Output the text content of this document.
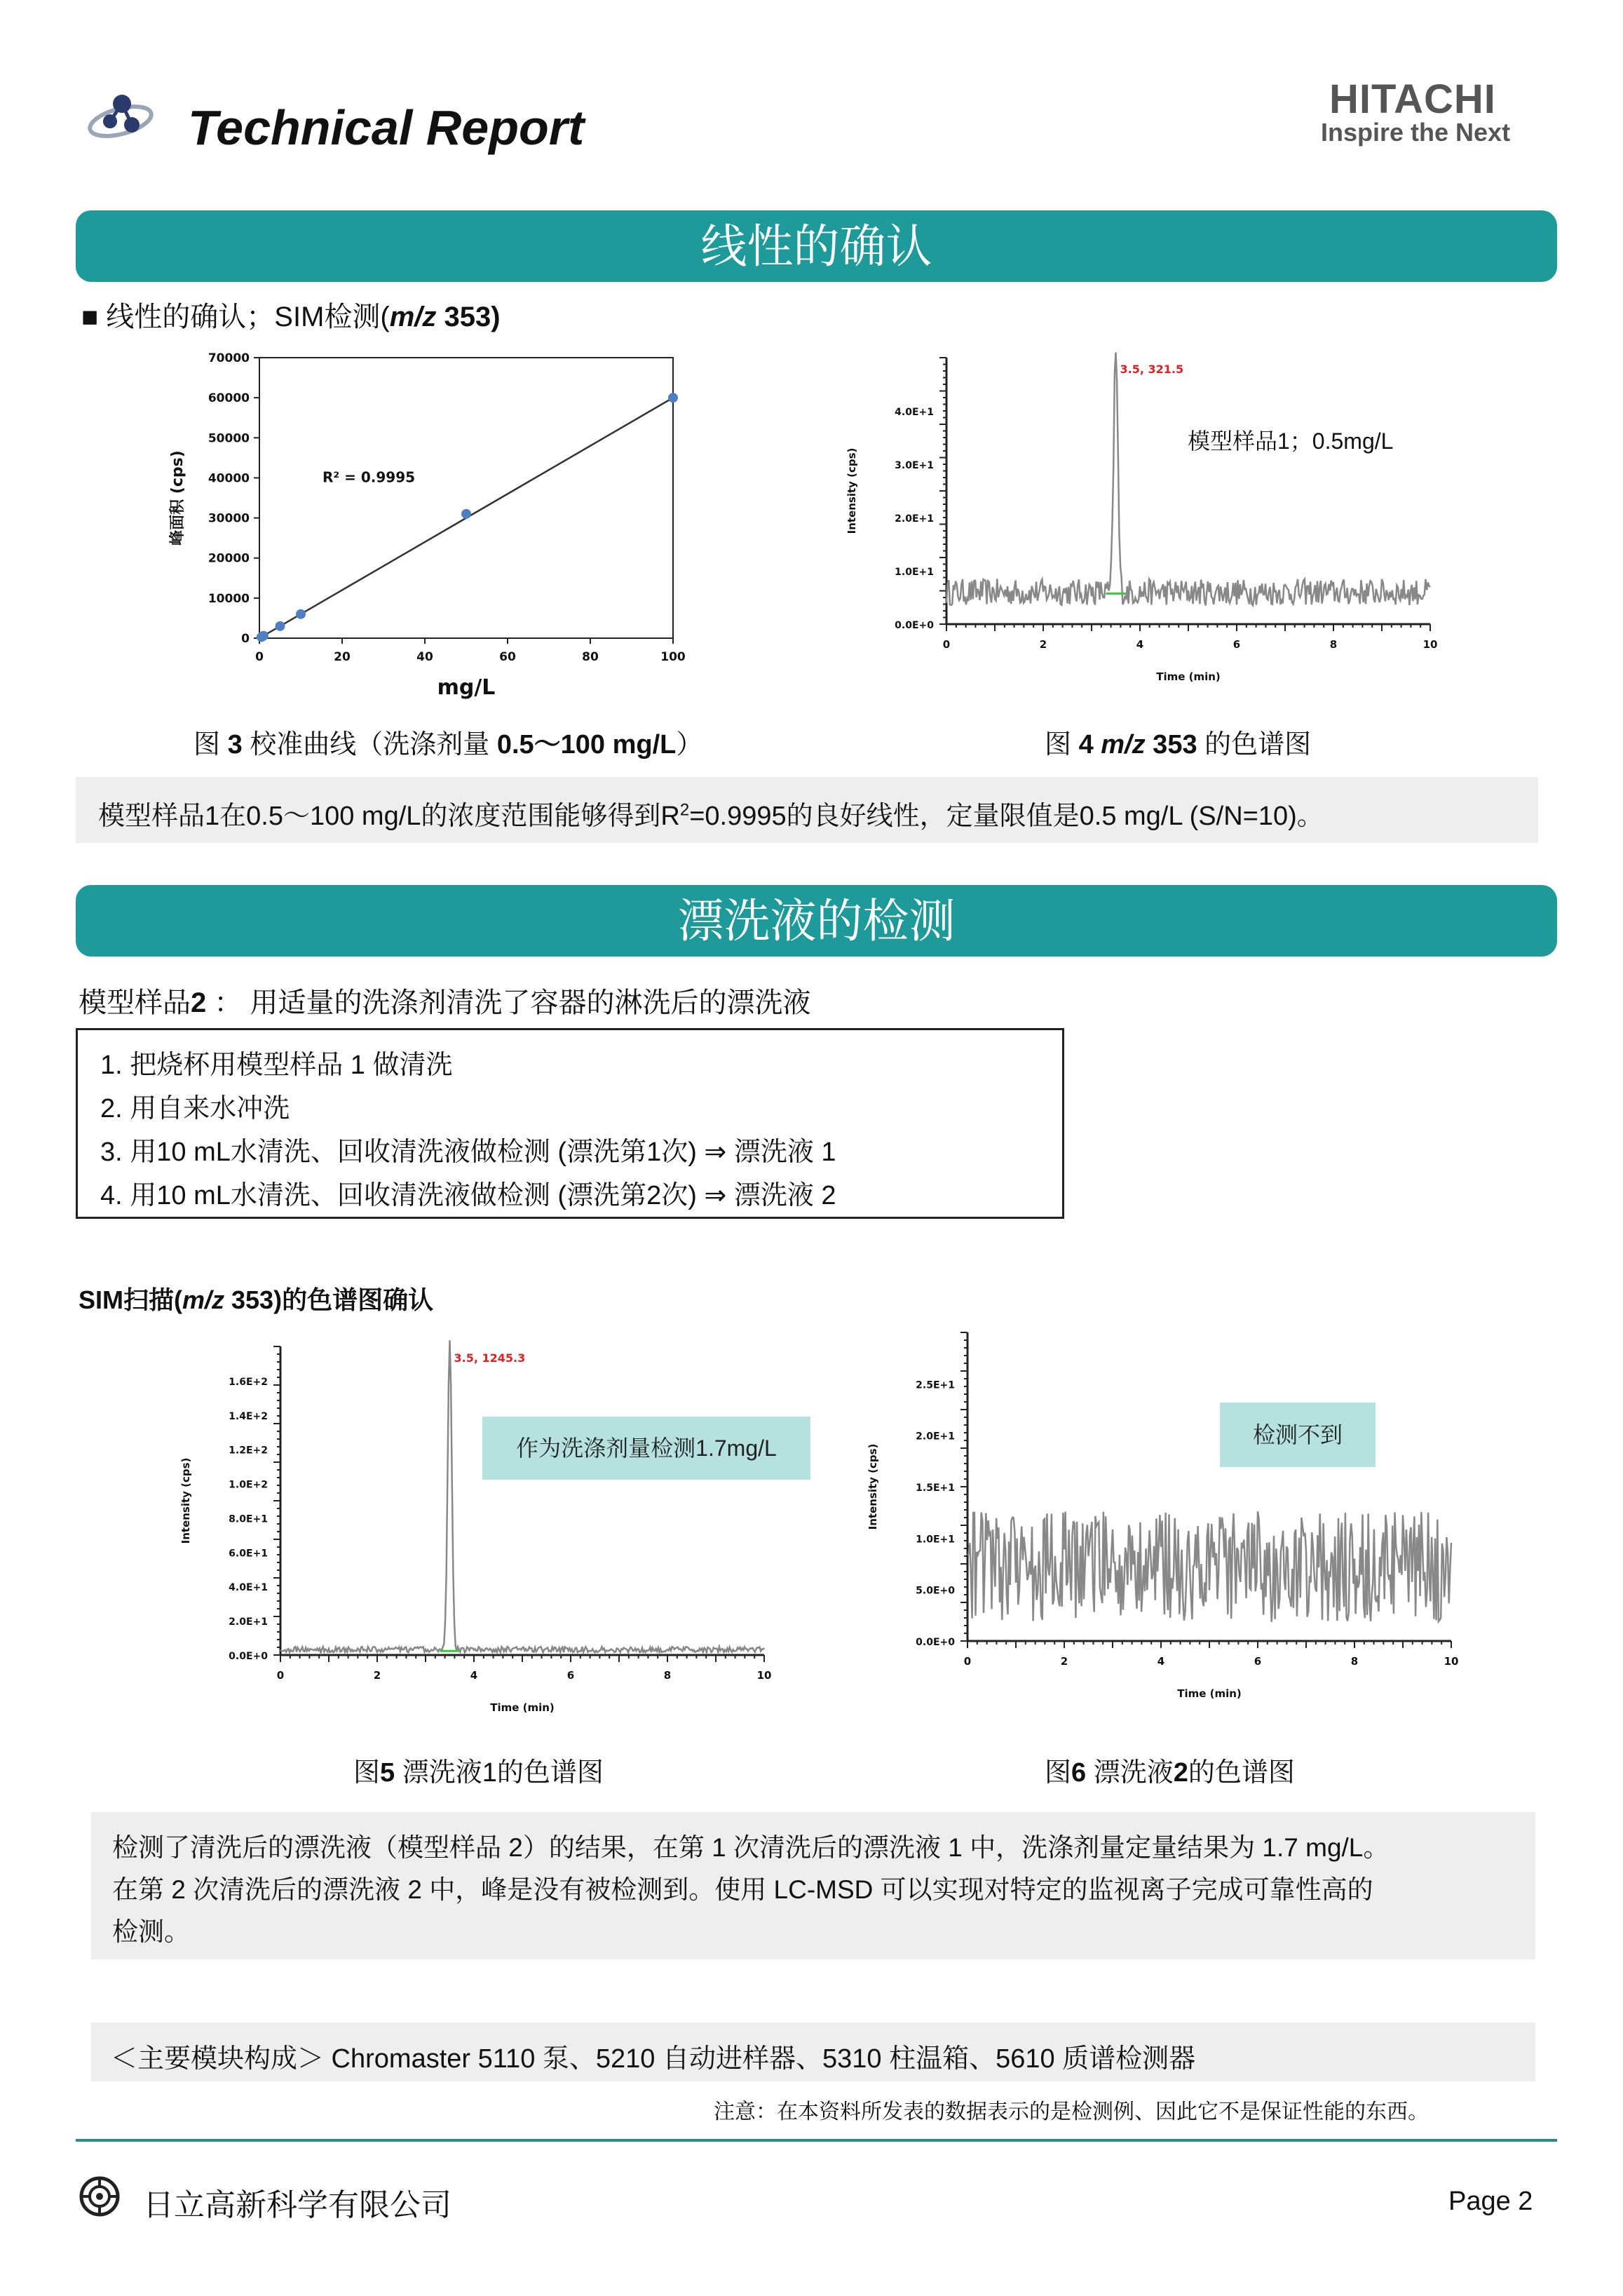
Technical Report
HITACHI
Inspire the Next
线性的确认
■ 线性的确认；SIM检测(m/z 353)
0
10000
20000
30000
40000
50000
60000
70000
0	20	40	60	80	100
R² = 0.9995
mg/L
峰面积 (cps)
0.0E+0
1.0E+1
2.0E+1
3.0E+1
4.0E+1
0	2	4	6	8	10
Time (min)
Intensity (cps)
3.5, 321.5
模型样品1；0.5mg/L
图 3 校准曲线（洗涤剂量 0.5～100 mg/L）	图 4 m/z 353 的色谱图
模型样品1在0.5～100 mg/L的浓度范围能够得到$R^2=0.9995$的良好线性，定量限值是0.5 mg/L (S/N=10)。
漂洗液的检测
模型样品2 ： 用适量的洗涤剂清洗了容器的淋洗后的漂洗液
1. 把烧杯用模型样品 1 做清洗
2. 用自来水冲洗
3. 用10 mL水清洗、回收清洗液做检测 (漂洗第1次) ⇒ 漂洗液 1
4. 用10 mL水清洗、回收清洗液做检测 (漂洗第2次) ⇒ 漂洗液 2
SIM扫描(m/z 353)的色谱图确认
0.0E+0
2.0E+1
4.0E+1
6.0E+1
8.0E+1
1.0E+2
1.2E+2
1.4E+2
1.6E+2
0	2	4	6	8	10
Time (min)
Intensity (cps)
3.5, 1245.3
作为洗涤剂量检测1.7mg/L
0.0E+0
5.0E+0
1.0E+1
1.5E+1
2.0E+1
2.5E+1
0	2	4	6	8	10
Time (min)
Intensity (cps)
检测不到
图5 漂洗液1的色谱图	图6 漂洗液2的色谱图
检测了清洗后的漂洗液（模型样品 2）的结果，在第 1 次清洗后的漂洗液 1 中，洗涤剂量定量结果为 1.7 mg/L。
在第 2 次清洗后的漂洗液 2 中，峰是没有被检测到。使用 LC-MSD 可以实现对特定的监视离子完成可靠性高的
检测。
＜主要模块构成＞ Chromaster 5110 泵、5210 自动进样器、5310 柱温箱、5610 质谱检测器
注意：在本资料所发表的数据表示的是检测例、因此它不是保证性能的东西。
日立高新科学有限公司	Page 2
